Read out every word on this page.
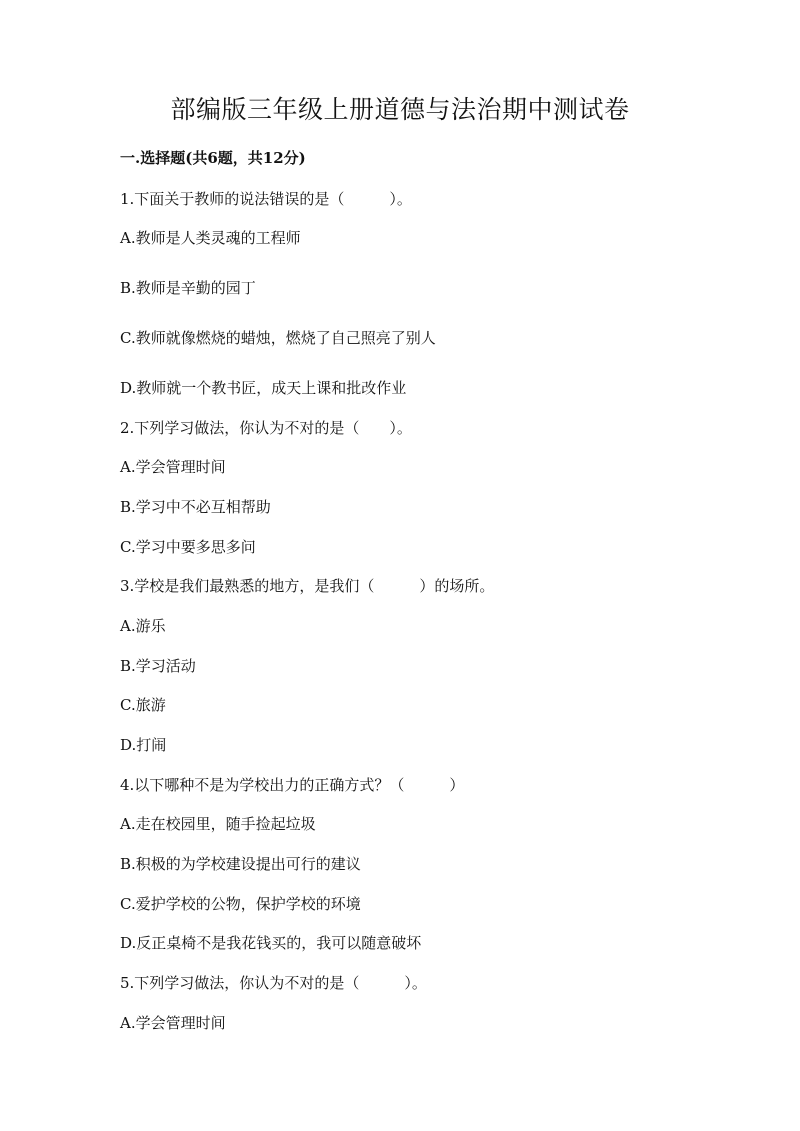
部编版三年级上册道德与法治期中测试卷
一.选择题(共6题，共12分)
1.下面关于教师的说法错误的是（　　　）。
A.教师是人类灵魂的工程师
B.教师是辛勤的园丁
C.教师就像燃烧的蜡烛，燃烧了自己照亮了别人
D.教师就一个教书匠，成天上课和批改作业
2.下列学习做法，你认为不对的是（　　）。
A.学会管理时间
B.学习中不必互相帮助
C.学习中要多思多问
3.学校是我们最熟悉的地方，是我们（　　　）的场所。
A.游乐
B.学习活动
C.旅游
D.打闹
4.以下哪种不是为学校出力的正确方式？（　　　）
A.走在校园里，随手捡起垃圾
B.积极的为学校建设提出可行的建议
C.爱护学校的公物，保护学校的环境
D.反正桌椅不是我花钱买的，我可以随意破坏
5.下列学习做法，你认为不对的是（　　　）。
A.学会管理时间
